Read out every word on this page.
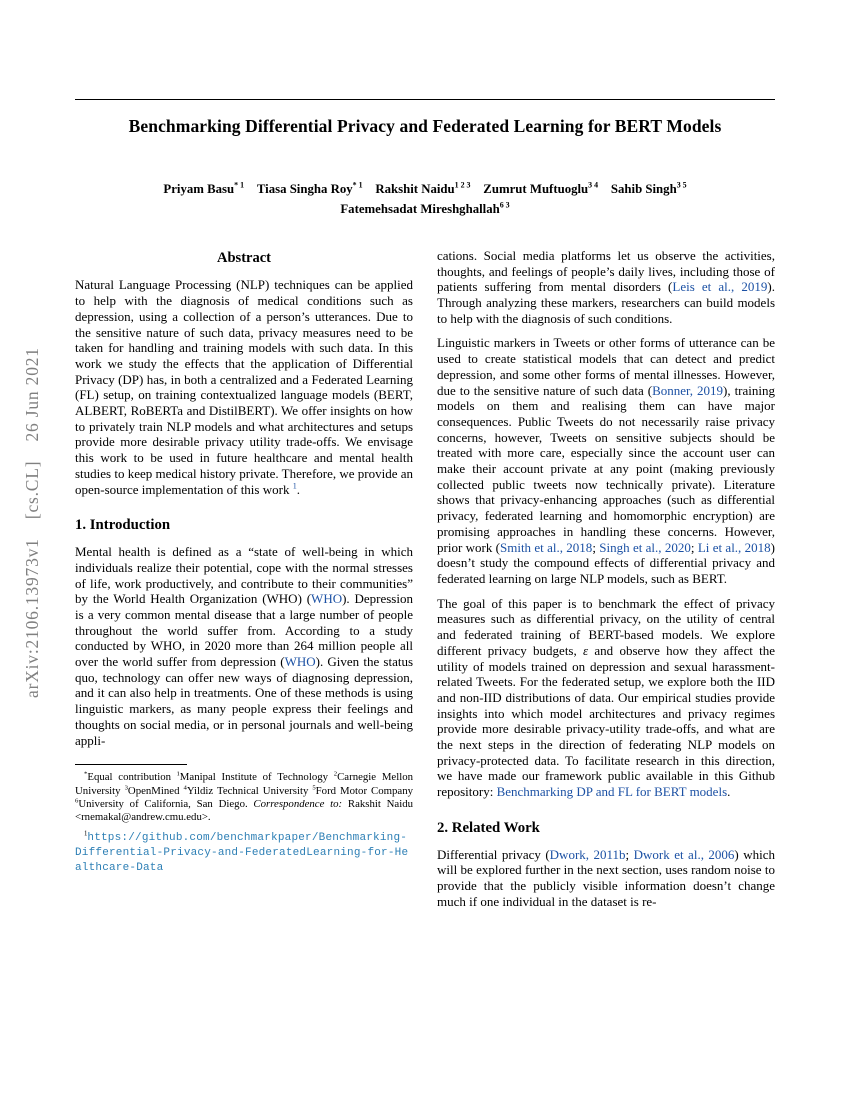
arXiv:2106.13973v1  [cs.CL]  26 Jun 2021
Benchmarking Differential Privacy and Federated Learning for BERT Models
Priyam Basu$^{* 1}$   Tiasa Singha Roy$^{* 1}$   Rakshit Naidu$^{1 2 3}$   Zumrut Muftuoglu$^{3 4}$   Sahib Singh$^{3 5}$
Fatemehsadat Mireshghallah$^{6 3}$
Abstract
Natural Language Processing (NLP) techniques can be applied to help with the diagnosis of medical conditions such as depression, using a collection of a person’s utterances. Due to the sensitive nature of such data, privacy measures need to be taken for handling and training models with such data. In this work we study the effects that the application of Differential Privacy (DP) has, in both a centralized and a Federated Learning (FL) setup, on training contextualized language models (BERT, ALBERT, RoBERTa and DistilBERT). We offer insights on how to privately train NLP models and what architectures and setups provide more desirable privacy utility trade-offs. We envisage this work to be used in future healthcare and mental health studies to keep medical history private. Therefore, we provide an open-source implementation of this work $^1$.
1. Introduction
Mental health is defined as a “state of well-being in which individuals realize their potential, cope with the normal stresses of life, work productively, and contribute to their communities” by the World Health Organization (WHO) (WHO). Depression is a very common mental disease that a large number of people throughout the world suffer from. According to a study conducted by WHO, in 2020 more than 264 million people all over the world suffer from depression (WHO). Given the status quo, technology can offer new ways of diagnosing depression, and it can also help in treatments. One of these methods is using linguistic markers, as many people express their feelings and thoughts on social media, or in personal journals and well-being appli-
*Equal contribution $^1$Manipal Institute of Technology $^2$Carnegie Mellon University $^3$OpenMined $^4$Yildiz Technical University $^5$Ford Motor Company $^6$University of California, San Diego. Correspondence to: Rakshit Naidu <rnemakal@andrew.cmu.edu>.
$^1$https://github.com/benchmarkpaper/Benchmarking-Differential-Privacy-and-FederatedLearning-for-Healthcare-Data
cations. Social media platforms let us observe the activities, thoughts, and feelings of people’s daily lives, including those of patients suffering from mental disorders (Leis et al., 2019). Through analyzing these markers, researchers can build models to help with the diagnosis of such conditions.
Linguistic markers in Tweets or other forms of utterance can be used to create statistical models that can detect and predict depression, and some other forms of mental illnesses. However, due to the sensitive nature of such data (Bonner, 2019), training models on them and realising them can have major consequences. Public Tweets do not necessarily raise privacy concerns, however, Tweets on sensitive subjects should be treated with more care, especially since the account user can make their account private at any point (making previously collected public tweets now technically private). Literature shows that privacy-enhancing approaches (such as differential privacy, federated learning and homomorphic encryption) are promising approaches in handling these concerns. However, prior work (Smith et al., 2018; Singh et al., 2020; Li et al., 2018) doesn’t study the compound effects of differential privacy and federated learning on large NLP models, such as BERT.
The goal of this paper is to benchmark the effect of privacy measures such as differential privacy, on the utility of central and federated training of BERT-based models. We explore different privacy budgets, ε and observe how they affect the utility of models trained on depression and sexual harassment-related Tweets. For the federated setup, we explore both the IID and non-IID distributions of data. Our empirical studies provide insights into which model architectures and privacy regimes provide more desirable privacy-utility trade-offs, and what are the next steps in the direction of federating NLP models on privacy-protected data. To facilitate research in this direction, we have made our framework public available in this Github repository: Benchmarking DP and FL for BERT models.
2. Related Work
Differential privacy (Dwork, 2011b; Dwork et al., 2006) which will be explored further in the next section, uses random noise to provide that the publicly visible information doesn’t change much if one individual in the dataset is re-
